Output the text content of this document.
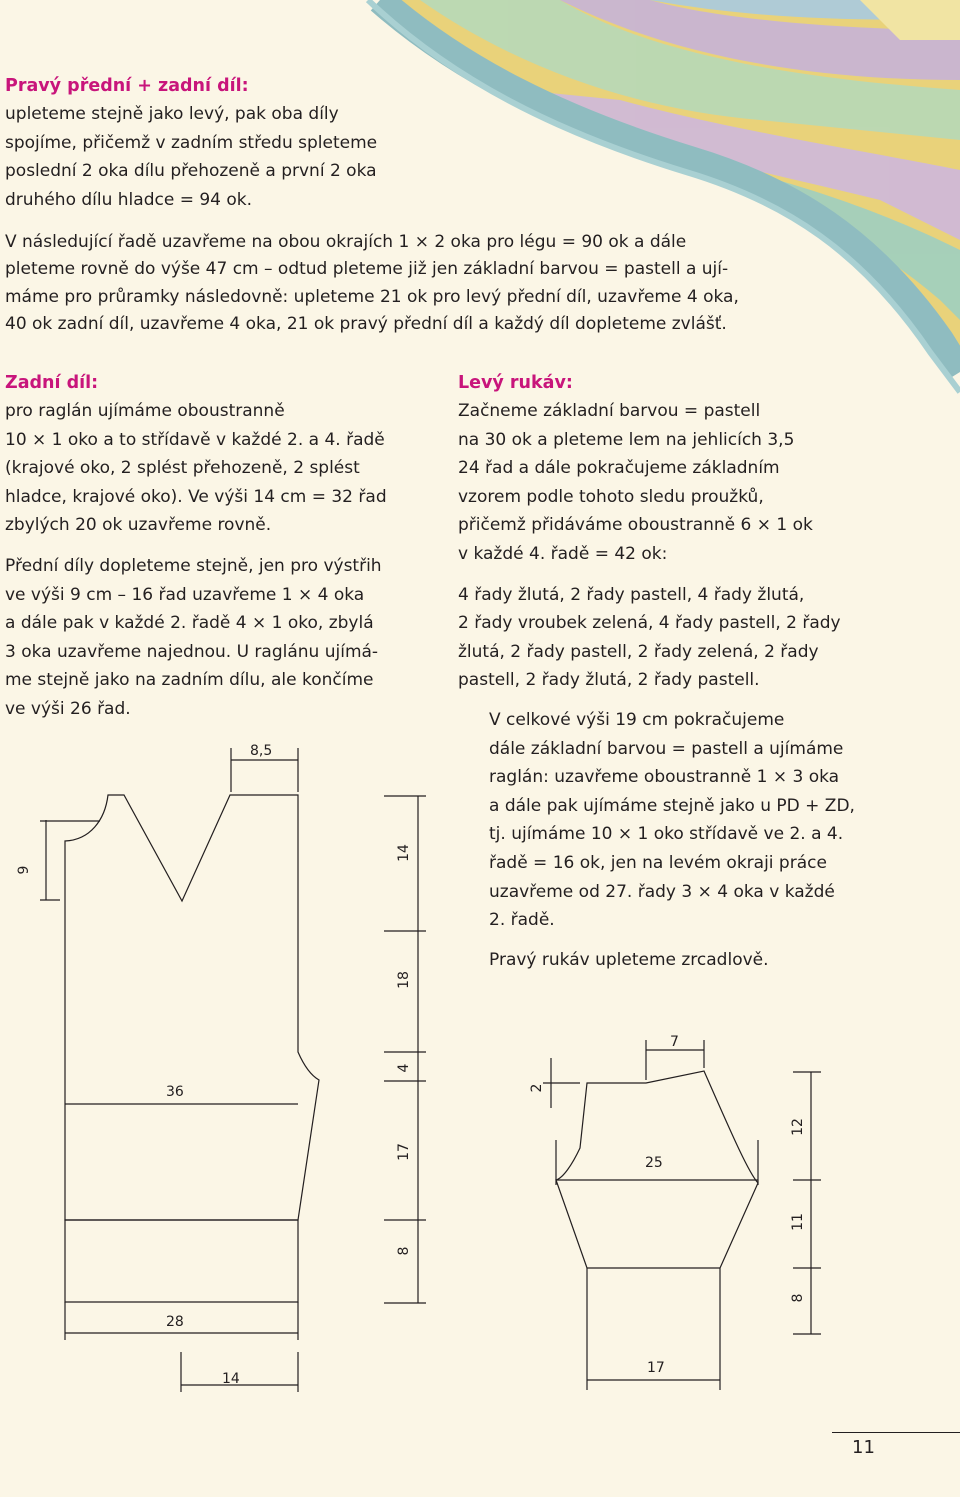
Pravý přední + zadní díl:

upleteme stejně jako levý, pak oba díly

spojíme, přičemž v zadním středu spleteme

poslední 2 oka dílu přehozeně a první 2 oka

druhého dílu hladce = 94 ok.

V následující řadě uzavřeme na obou okrajích 1 × 2 oka pro légu = 90 ok a dále

pleteme rovně do výše 47 cm – odtud pleteme již jen základní barvou = pastell a ují-

máme pro průramky následovně: upleteme 21 ok pro levý přední díl, uzavřeme 4 oka,

40 ok zadní díl, uzavřeme 4 oka, 21 ok pravý přední díl a každý díl dopleteme zvlášť.

Zadní díl:

pro raglán ujímáme oboustranně

10 × 1 oko a to střídavě v každé 2. a 4. řadě

(krajové oko, 2 splést přehozeně, 2 splést

hladce, krajové oko). Ve výši 14 cm = 32 řad

zbylých 20 ok uzavřeme rovně.

Přední díly dopleteme stejně, jen pro výstřih

ve výši 9 cm – 16 řad uzavřeme 1 × 4 oka

a dále pak v každé 2. řadě 4 × 1 oko, zbylá

3 oka uzavřeme najednou. U raglánu ujímá-

me stejně jako na zadním dílu, ale končíme

ve výši 26 řad.

Levý rukáv:

Začneme základní barvou = pastell

na 30 ok a pleteme lem na jehlicích 3,5

24 řad a dále pokračujeme základním

vzorem podle tohoto sledu proužků,

přičemž přidáváme oboustranně 6 × 1 ok

v každé 4. řadě = 42 ok:

4 řady žlutá, 2 řady pastell, 4 řady žlutá,

2 řady vroubek zelená, 4 řady pastell, 2 řady

žlutá, 2 řady pastell, 2 řady zelená, 2 řady

pastell, 2 řady žlutá, 2 řady pastell.

V celkové výši 19 cm pokračujeme

dále základní barvou = pastell a ujímáme

raglán: uzavřeme oboustranně 1 × 3 oka

a dále pak ujímáme stejně jako u PD + ZD,

tj. ujímáme 10 × 1 oko střídavě ve 2. a 4.

řadě = 16 ok, jen na levém okraji práce

uzavřeme od 27. řady 3 × 4 oka v každé

2. řadě.

Pravý rukáv upleteme zrcadlově.

8,5
9
36
28
14
14
18
4
17
8
7
2
25
17
12
11
8
11
